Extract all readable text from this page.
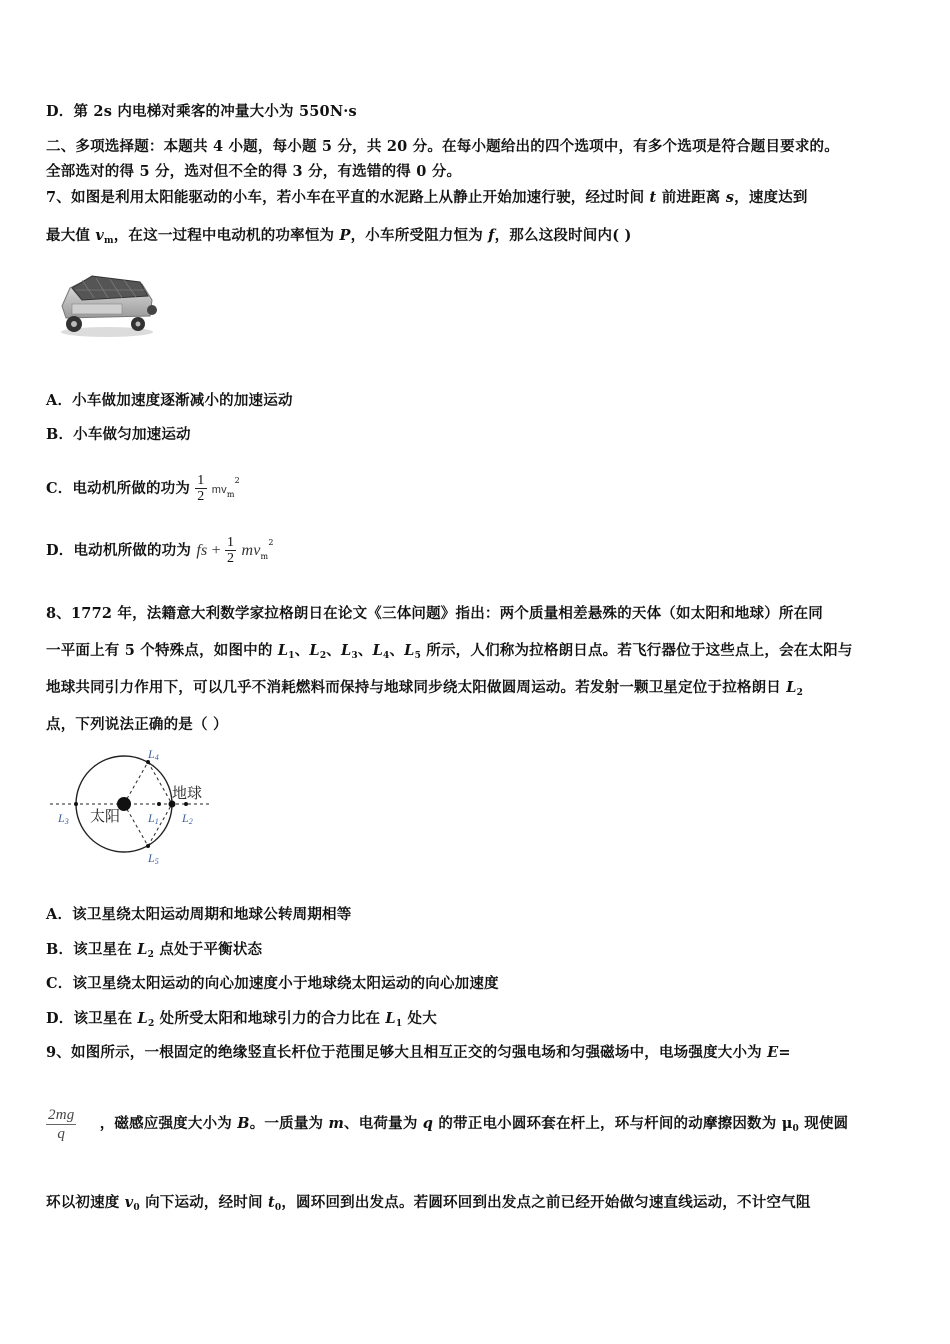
D．第 2s 内电梯对乘客的冲量大小为 550N·s
二、多项选择题：本题共 4 小题，每小题 5 分，共 20 分。在每小题给出的四个选项中，有多个选项是符合题目要求的。
全部选对的得 5 分，选对但不全的得 3 分，有选错的得 0 分。
7、如图是利用太阳能驱动的小车，若小车在平直的水泥路上从静止开始加速行驶，经过时间 t 前进距离 s，速度达到
最大值 $v_m$，在这一过程中电动机的功率恒为 P，小车所受阻力恒为 f，那么这段时间内( )
A．小车做加速度逐渐减小的加速运动
B．小车做匀加速运动
C．电动机所做的功为 $\frac{1}{2} mv_m^2$
D．电动机所做的功为 fs + $\frac{1}{2} mv_m^2$
8、1772 年，法籍意大利数学家拉格朗日在论文《三体问题》指出：两个质量相差悬殊的天体（如太阳和地球）所在同
一平面上有 5 个特殊点，如图中的 $L_1$、$L_2$、$L_3$、$L_4$、$L_5$ 所示，人们称为拉格朗日点。若飞行器位于这些点上，会在太阳与
地球共同引力作用下，可以几乎不消耗燃料而保持与地球同步绕太阳做圆周运动。若发射一颗卫星定位于拉格朗日 $L_2$
点，下列说法正确的是（ ）
太阳
地球
L4
L5
L3	L1 L2
A．该卫星绕太阳运动周期和地球公转周期相等
B．该卫星在 $L_2$ 点处于平衡状态
C．该卫星绕太阳运动的向心加速度小于地球绕太阳运动的向心加速度
D．该卫星在 $L_2$ 处所受太阳和地球引力的合力比在 $L_1$ 处大
9、如图所示，一根固定的绝缘竖直长杆位于范围足够大且相互正交的匀强电场和匀强磁场中，电场强度大小为 E=
$\frac{2mg}{q}$ ，磁感应强度大小为 B。一质量为 m、电荷量为 q 的带正电小圆环套在杆上，环与杆间的动摩擦因数为 $\mu_0$ 现使圆
环以初速度 $v_0$ 向下运动，经时间 $t_0$，圆环回到出发点。若圆环回到出发点之前已经开始做匀速直线运动，不计空气阻
